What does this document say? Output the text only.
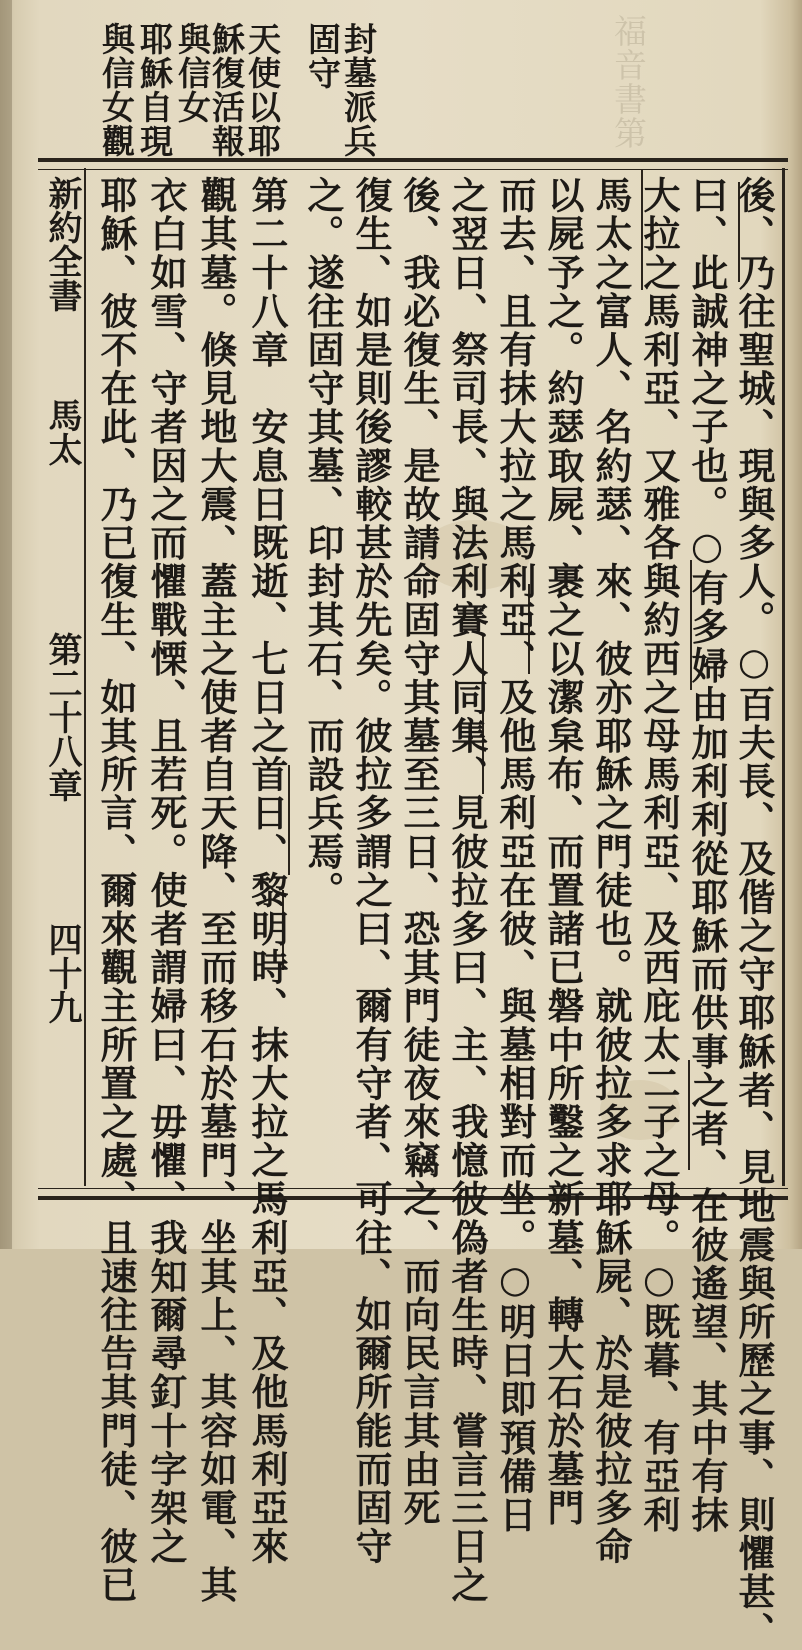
福音書第
封墓派兵
固守
天使以耶
穌復活報
與信女
耶穌自現
與信女觀
後、乃往聖城、現與多人。○百夫長、及偕之守耶穌者、見地震與所歷之事、則懼甚、
曰、此誠神之子也。○有多婦由加利利從耶穌而供事之者、在彼遙望、其中有抹
大拉之馬利亞、又雅各與約西之母馬利亞、及西庇太二子之母。○既暮、有亞利
馬太之富人、名約瑟、來、彼亦耶穌之門徒也。就彼拉多求耶穌屍、於是彼拉多命
以屍予之。約瑟取屍、裹之以潔枲布、而置諸已磐中所鑿之新墓、轉大石於墓門
而去、且有抹大拉之馬利亞、及他馬利亞在彼、與墓相對而坐。○明日即預備日
之翌日、祭司長、與法利賽人同集、見彼拉多曰、主、我憶彼偽者生時、嘗言三日之
後、我必復生、是故請命固守其墓至三日、恐其門徒夜來竊之、而向民言其由死
復生、如是則後謬較甚於先矣。彼拉多謂之曰、爾有守者、可往、如爾所能而固守
之。遂往固守其墓、印封其石、而設兵焉。
第二十八章　安息日既逝、七日之首日、黎明時、抹大拉之馬利亞、及他馬利亞來
觀其墓。倏見地大震、蓋主之使者自天降、至而移石於墓門、坐其上、其容如電、其
衣白如雪、守者因之而懼戰慄、且若死。使者謂婦曰、毋懼、我知爾尋釘十字架之
耶穌、彼不在此、乃已復生、如其所言、爾來觀主所置之處、且速往告其門徒、彼已
新約全書
馬太
第二十八章
四十九
